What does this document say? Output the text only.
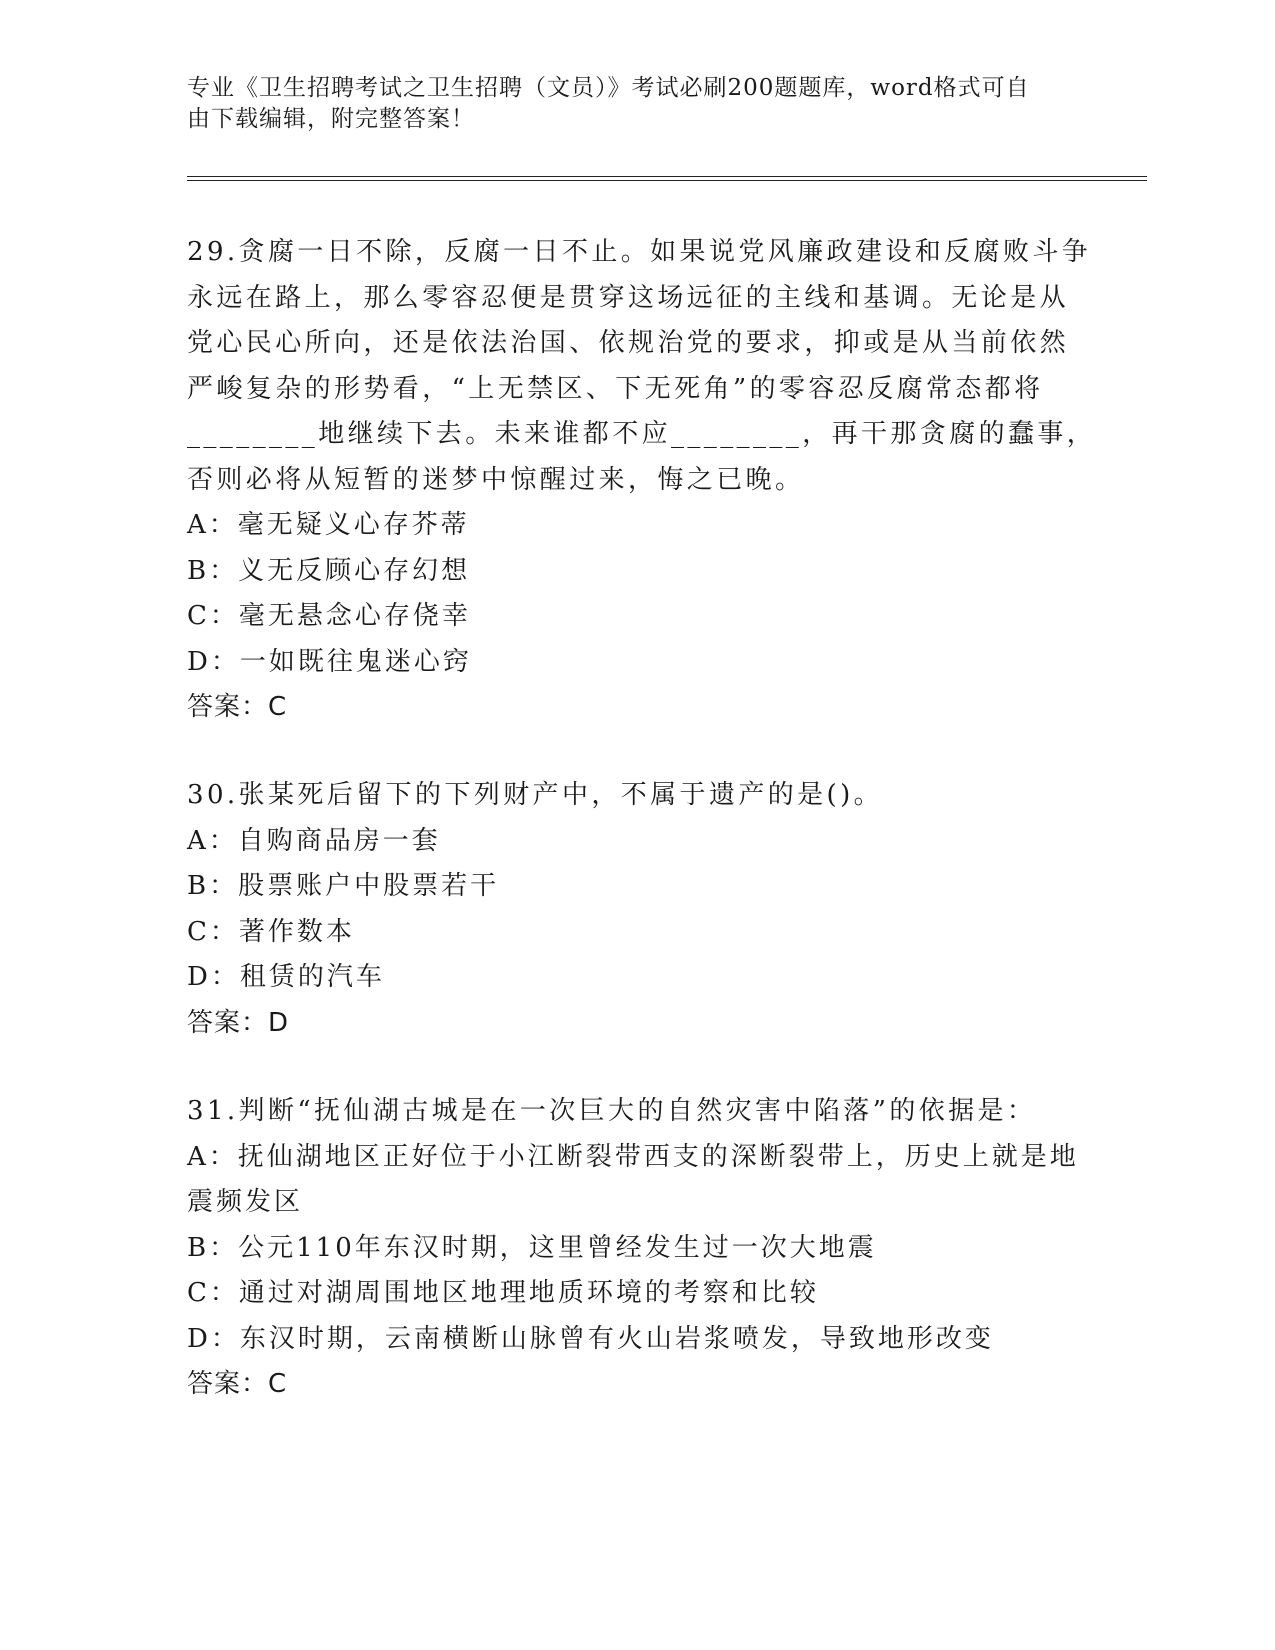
专业《卫生招聘考试之卫生招聘（文员）》考试必刷200题题库，word格式可自
由下载编辑，附完整答案！
29.贪腐一日不除，反腐一日不止。如果说党风廉政建设和反腐败斗争
永远在路上，那么零容忍便是贯穿这场远征的主线和基调。无论是从
党心民心所向，还是依法治国、依规治党的要求，抑或是从当前依然
严峻复杂的形势看，“上无禁区、下无死角”的零容忍反腐常态都将
________地继续下去。未来谁都不应________，再干那贪腐的蠢事，
否则必将从短暂的迷梦中惊醒过来，悔之已晚。
A：毫无疑义心存芥蒂
B：义无反顾心存幻想
C：毫无悬念心存侥幸
D：一如既往鬼迷心窍
答案：C
30.张某死后留下的下列财产中，不属于遗产的是()。
A：自购商品房一套
B：股票账户中股票若干
C：著作数本
D：租赁的汽车
答案：D
31.判断“抚仙湖古城是在一次巨大的自然灾害中陷落”的依据是：
A：抚仙湖地区正好位于小江断裂带西支的深断裂带上，历史上就是地
震频发区
B：公元110年东汉时期，这里曾经发生过一次大地震
C：通过对湖周围地区地理地质环境的考察和比较
D：东汉时期，云南横断山脉曾有火山岩浆喷发，导致地形改变
答案：C
